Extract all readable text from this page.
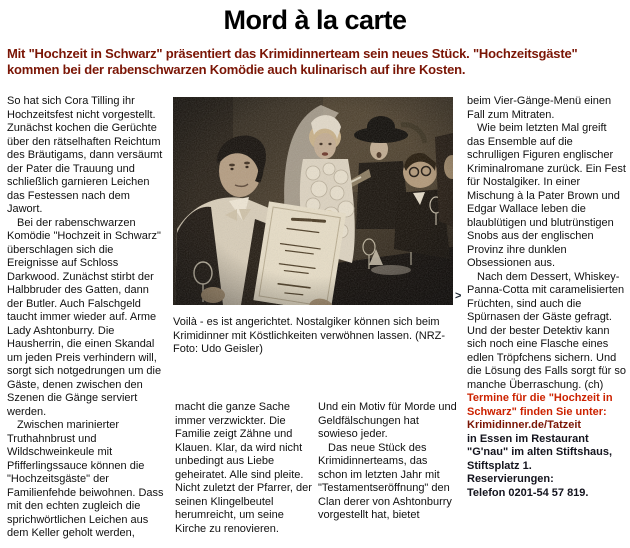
Mord à la carte
Mit "Hochzeit in Schwarz" präsentiert das Krimidinnerteam sein neues Stück. "Hochzeitsgäste" kommen bei der rabenschwarzen Komödie auch kulinarisch auf ihre Kosten.

So hat sich Cora Tilling ihr Hochzeitsfest nicht vorgestellt. Zunächst kochen die Gerüchte über den rätselhaften Reichtum des Bräutigams, dann versäumt der Pater die Trauung und schließlich garnieren Leichen das Festessen nach dem Jawort.

Bei der rabenschwarzen Komödie "Hochzeit in Schwarz" überschlagen sich die Ereignisse auf Schloss Darkwood. Zunächst stirbt der Halbbruder des Gatten, dann der Butler. Auch Falschgeld taucht immer wieder auf. Arme Lady Ashtonburry. Die Hausherrin, die einen Skandal um jeden Preis verhindern will, sorgt sich notgedrungen um die Gäste, denen zwischen den Szenen die Gänge serviert werden.

Zwischen marinierter Truthahnbrust und Wildschweinkeule mit Pfifferlingssauce können die "Hochzeitsgäste" der Familienfehde beiwohnen. Dass mit den echten zugleich die sprichwörtlichen Leichen aus dem Keller geholt werden,

>
Voilà - es ist angerichtet. Nostalgiker können sich beim Krimidinner mit Köstlichkeiten verwöhnen lassen. (NRZ-Foto: Udo Geisler)

macht die ganze Sache immer verzwickter. Die Familie zeigt Zähne und Klauen. Klar, da wird nicht unbedingt aus Liebe geheiratet. Alle sind pleite. Nicht zuletzt der Pfarrer, der seinen Klingelbeutel herumreicht, um seine Kirche zu renovieren.

Und ein Motiv für Morde und Geldfälschungen hat sowieso jeder.

Das neue Stück des Krimidinnerteams, das schon im letzten Jahr mit "Testamentseröffnung" den Clan derer von Ashtonburry vorgestellt hat, bietet

beim Vier-Gänge-Menü einen Fall zum Mitraten.

Wie beim letzten Mal greift das Ensemble auf die schrulligen Figuren englischer Kriminalromane zurück. Ein Fest für Nostalgiker. In einer Mischung à la Pater Brown und Edgar Wallace leben die blaublütigen und blutrünstigen Snobs aus der englischen Provinz ihre dunklen Obsessionen aus.

Nach dem Dessert, Whiskey-Panna-Cotta mit caramelisierten Früchten, sind auch die Spürnasen der Gäste gefragt. Und der bester Detektiv kann sich noch eine Flasche eines edlen Tröpfchens sichern. Und die Lösung des Falls sorgt für so manche Überraschung. (ch)

Termine für die "Hochzeit in Schwarz" finden Sie unter:
Krimidinner.de/Tatzeit
in Essen im Restaurant "G'nau" im alten Stiftshaus, Stiftsplatz 1.
Reservierungen:
Telefon 0201-54 57 819.
